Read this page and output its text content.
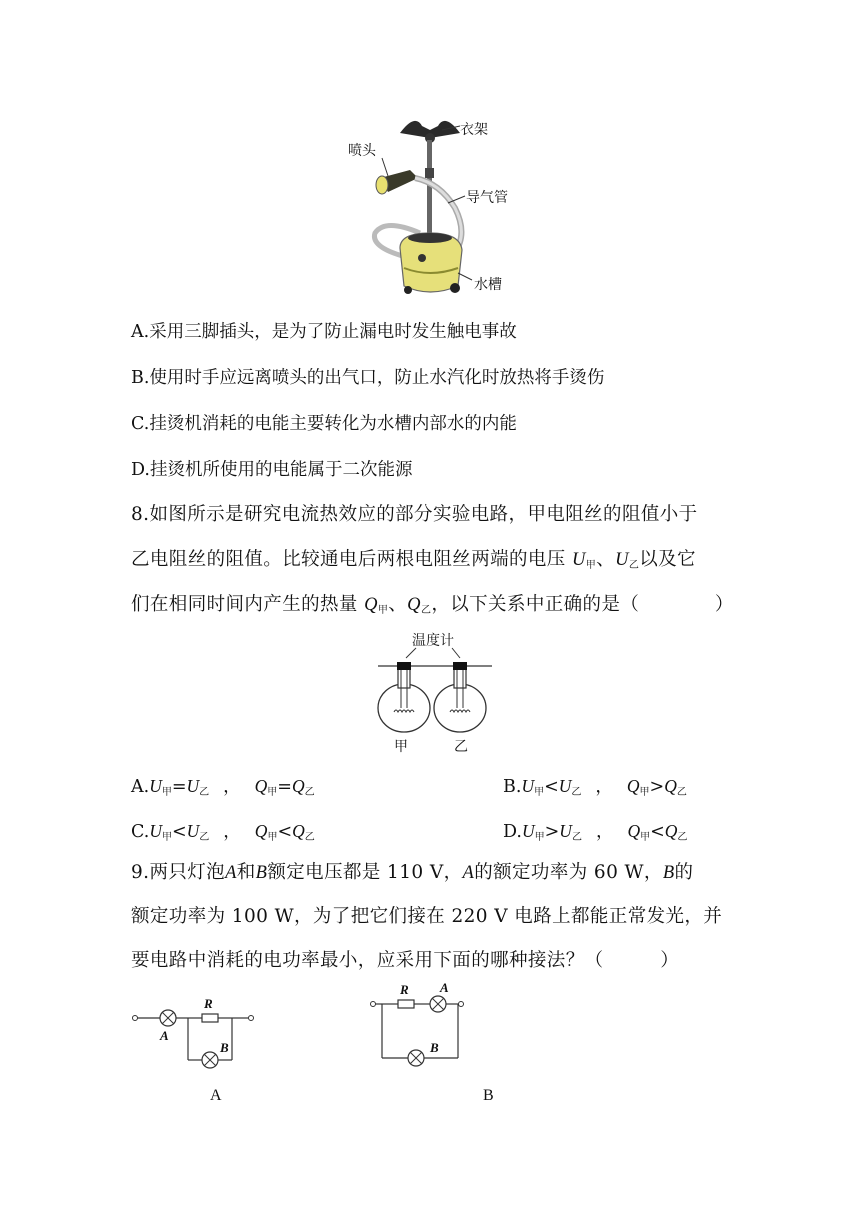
衣架
喷头
导气管
水槽
A.采用三脚插头，是为了防止漏电时发生触电事故
B.使用时手应远离喷头的出气口，防止水汽化时放热将手烫伤
C.挂烫机消耗的电能主要转化为水槽内部水的内能
D.挂烫机所使用的电能属于二次能源
8.如图所示是研究电流热效应的部分实验电路，甲电阻丝的阻值小于
乙电阻丝的阻值。比较通电后两根电阻丝两端的电压 $U_甲$、$U_乙$以及它
们在相同时间内产生的热量 $Q_甲$、$Q_乙$，以下关系中正确的是（　　　　）
温度计
甲	乙
$A.U_甲=U_乙$ ， $Q_甲=Q_乙$	$B.U_甲<U_乙$ ， $Q_甲>Q_乙$
$C.U_甲<U_乙$ ， $Q_甲<Q_乙$	$D.U_甲>U_乙$ ， $Q_甲<Q_乙$
9.两只灯泡A和B额定电压都是 110 V，A的额定功率为 60 W，B的
额定功率为 100 W，为了把它们接在 220 V 电路上都能正常发光，并
要电路中消耗的电功率最小，应采用下面的哪种接法？（　　　）
R
A
B
A
R A
B
B
